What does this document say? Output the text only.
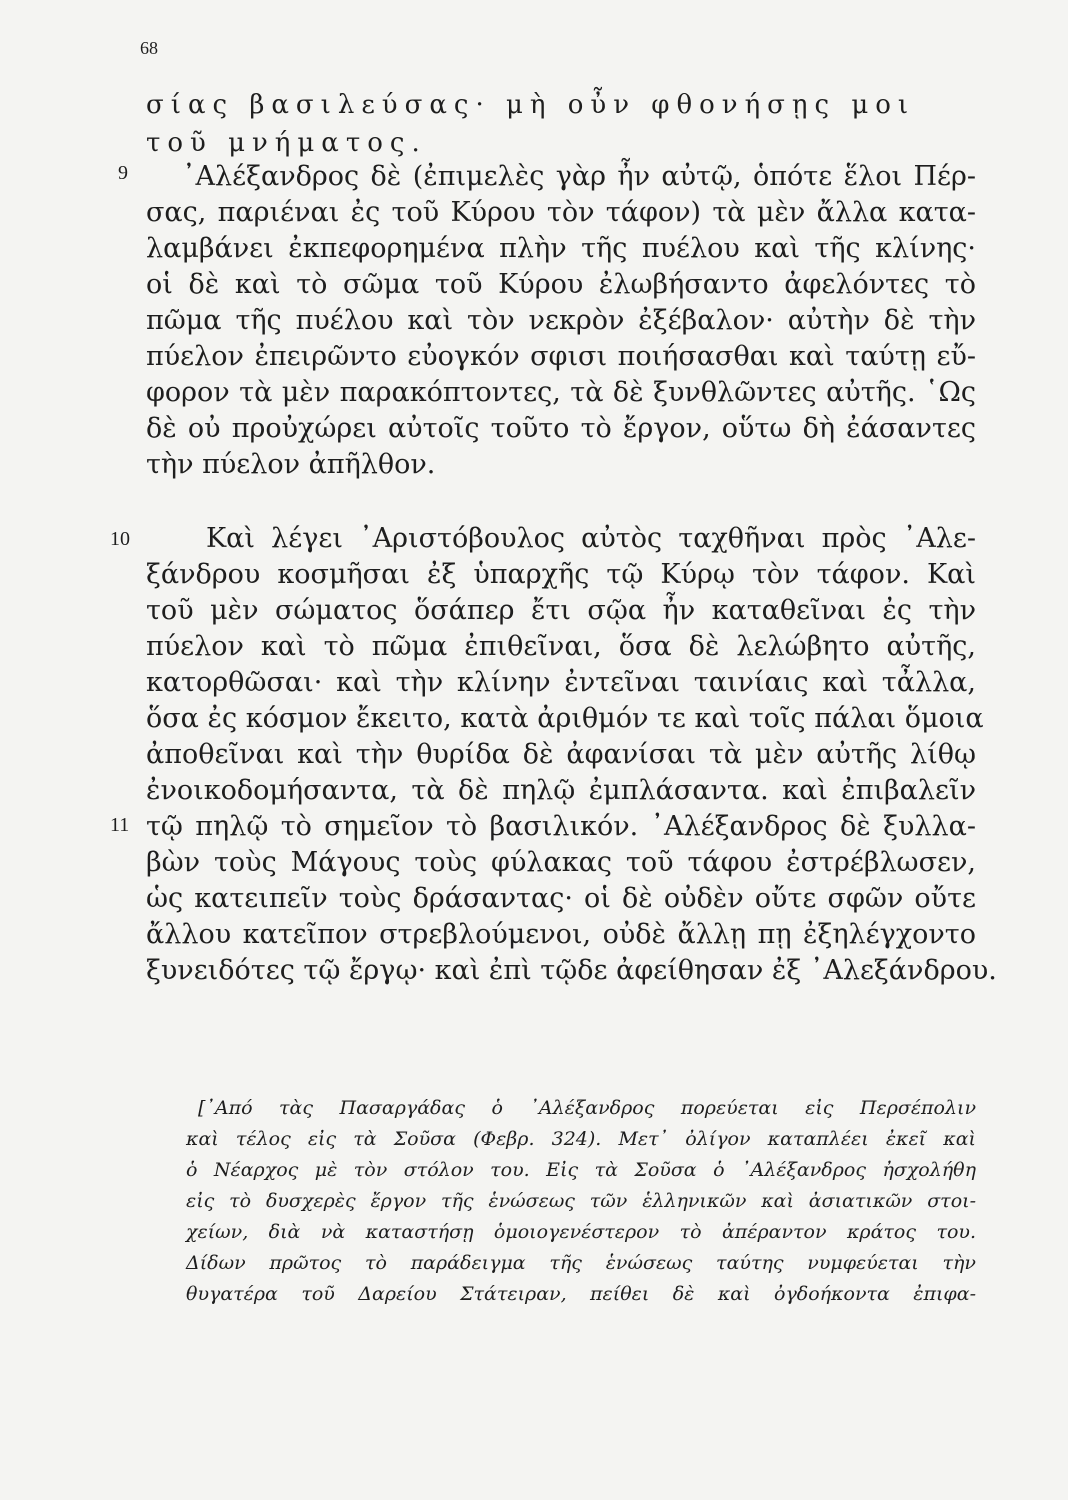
68
σίας βασιλεύσας· μὴ οὖν φθονήσῃς μοι
τοῦ μνήματος.
9 ᾿Αλέξανδρος δὲ (ἐπιμελὲς γὰρ ἦν αὐτῷ, ὁπότε ἕλοι Πέρ-
σας, παριέναι ἐς τοῦ Κύρου τὸν τάφον) τὰ μὲν ἄλλα κατα-
λαμβάνει ἐκπεφορημένα πλὴν τῆς πυέλου καὶ τῆς κλίνης·
οἱ δὲ καὶ τὸ σῶμα τοῦ Κύρου ἐλωβήσαντο ἀφελόντες τὸ
πῶμα τῆς πυέλου καὶ τὸν νεκρὸν ἐξέβαλον· αὐτὴν δὲ τὴν
πύελον ἐπειρῶντο εὐογκόν σφισι ποιήσασθαι καὶ ταύτῃ εὔ-
φορον τὰ μὲν παρακόπτοντες, τὰ δὲ ξυνθλῶντες αὐτῆς. ῾Ως
δὲ οὐ προὐχώρει αὐτοῖς τοῦτο τὸ ἔργον, οὕτω δὴ ἐάσαντες
τὴν πύελον ἀπῆλθον.
10	Καὶ λέγει ᾿Αριστόβουλος αὐτὸς ταχθῆναι πρὸς ᾿Αλε-
ξάνδρου κοσμῆσαι ἐξ ὑπαρχῆς τῷ Κύρῳ τὸν τάφον. Καὶ
τοῦ μὲν σώματος ὅσάπερ ἔτι σῷα ἦν καταθεῖναι ἐς τὴν
πύελον καὶ τὸ πῶμα ἐπιθεῖναι, ὅσα δὲ λελώβητο αὐτῆς,
κατορθῶσαι· καὶ τὴν κλίνην ἐντεῖναι ταινίαις καὶ τἆλλα,
ὅσα ἐς κόσμον ἔκειτο, κατὰ ἀριθμόν τε καὶ τοῖς πάλαι ὅμοια
ἀποθεῖναι καὶ τὴν θυρίδα δὲ ἀφανίσαι τὰ μὲν αὐτῆς λίθῳ
ἐνοικοδομήσαντα, τὰ δὲ πηλῷ ἐμπλάσαντα. καὶ ἐπιβαλεῖν
11 τῷ πηλῷ τὸ σημεῖον τὸ βασιλικόν. ᾿Αλέξανδρος δὲ ξυλλα-
βὼν τοὺς Μάγους τοὺς φύλακας τοῦ τάφου ἐστρέβλωσεν,
ὡς κατειπεῖν τοὺς δράσαντας· οἱ δὲ οὐδὲν οὔτε σφῶν οὔτε
ἄλλου κατεῖπον στρεβλούμενοι, οὐδὲ ἄλλῃ πῃ ἐξηλέγχοντο
ξυνειδότες τῷ ἔργῳ· καὶ ἐπὶ τῷδε ἀφείθησαν ἐξ ᾿Αλεξάνδρου.
[᾿Από τὰς Πασαργάδας ὁ ᾿Αλέξανδρος πορεύεται εἰς Περσέπολιν
καὶ τέλος εἰς τὰ Σοῦσα (Φεβρ. 324). Μετ᾿ ὀλίγον καταπλέει ἐκεῖ καὶ
ὁ Νέαρχος μὲ τὸν στόλον του. Εἰς τὰ Σοῦσα ὁ ᾿Αλέξανδρος ἠσχολήθη
εἰς τὸ δυσχερὲς ἔργον τῆς ἑνώσεως τῶν ἑλληνικῶν καὶ ἀσιατικῶν στοι-
χείων, διὰ νὰ καταστήσῃ ὁμοιογενέστερον τὸ ἀπέραντον κράτος του.
Δίδων πρῶτος τὸ παράδειγμα τῆς ἑνώσεως ταύτης νυμφεύεται τὴν
θυγατέρα τοῦ Δαρείου Στάτειραν, πείθει δὲ καὶ ὀγδοήκοντα ἐπιφα-
